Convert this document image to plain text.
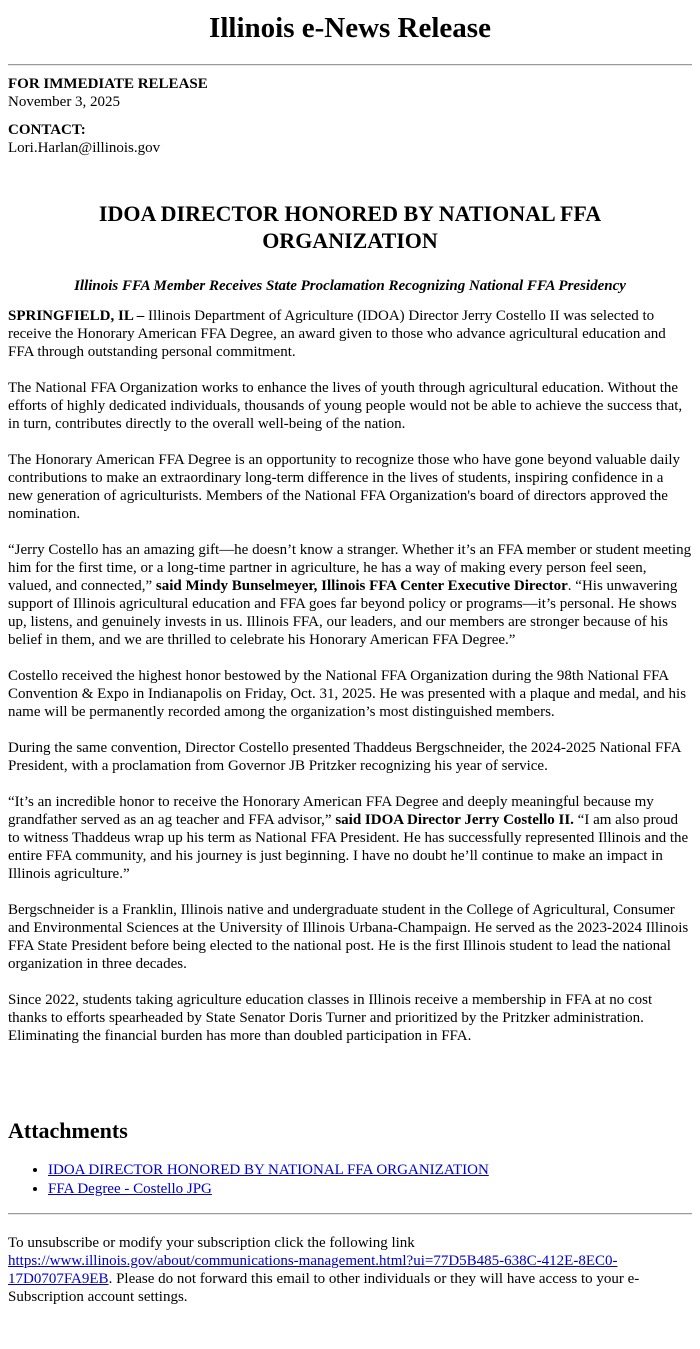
Illinois e-News Release
FOR IMMEDIATE RELEASE
November 3, 2025
CONTACT:
Lori.Harlan@illinois.gov
IDOA DIRECTOR HONORED BY NATIONAL FFA ORGANIZATION
Illinois FFA Member Receives State Proclamation Recognizing National FFA Presidency

SPRINGFIELD, IL – Illinois Department of Agriculture (IDOA) Director Jerry Costello II was selected to receive the Honorary American FFA Degree, an award given to those who advance agricultural education and FFA through outstanding personal commitment.

The National FFA Organization works to enhance the lives of youth through agricultural education. Without the efforts of highly dedicated individuals, thousands of young people would not be able to achieve the success that, in turn, contributes directly to the overall well-being of the nation.

The Honorary American FFA Degree is an opportunity to recognize those who have gone beyond valuable daily contributions to make an extraordinary long-term difference in the lives of students, inspiring confidence in a new generation of agriculturists. Members of the National FFA Organization's board of directors approved the nomination.

“Jerry Costello has an amazing gift—he doesn’t know a stranger. Whether it’s an FFA member or student meeting him for the first time, or a long-time partner in agriculture, he has a way of making every person feel seen, valued, and connected,” said Mindy Bunselmeyer, Illinois FFA Center Executive Director. “His unwavering support of Illinois agricultural education and FFA goes far beyond policy or programs—it’s personal. He shows up, listens, and genuinely invests in us. Illinois FFA, our leaders, and our members are stronger because of his belief in them, and we are thrilled to celebrate his Honorary American FFA Degree.”

Costello received the highest honor bestowed by the National FFA Organization during the 98th National FFA Convention & Expo in Indianapolis on Friday, Oct. 31, 2025. He was presented with a plaque and medal, and his name will be permanently recorded among the organization’s most distinguished members.

During the same convention, Director Costello presented Thaddeus Bergschneider, the 2024-2025 National FFA President, with a proclamation from Governor JB Pritzker recognizing his year of service.

“It’s an incredible honor to receive the Honorary American FFA Degree and deeply meaningful because my grandfather served as an ag teacher and FFA advisor,” said IDOA Director Jerry Costello II. “I am also proud to witness Thaddeus wrap up his term as National FFA President. He has successfully represented Illinois and the entire FFA community, and his journey is just beginning. I have no doubt he’ll continue to make an impact in Illinois agriculture.”

Bergschneider is a Franklin, Illinois native and undergraduate student in the College of Agricultural, Consumer and Environmental Sciences at the University of Illinois Urbana-Champaign. He served as the 2023-2024 Illinois FFA State President before being elected to the national post. He is the first Illinois student to lead the national organization in three decades.

Since 2022, students taking agriculture education classes in Illinois receive a membership in FFA at no cost thanks to efforts spearheaded by State Senator Doris Turner and prioritized by the Pritzker administration. Eliminating the financial burden has more than doubled participation in FFA.

Attachments
• IDOA DIRECTOR HONORED BY NATIONAL FFA ORGANIZATION
• FFA Degree - Costello JPG
To unsubscribe or modify your subscription click the following link https://www.illinois.gov/about/communications-management.html?ui=77D5B485-638C-412E-8EC0-17D0707FA9EB. Please do not forward this email to other individuals or they will have access to your e-Subscription account settings.
